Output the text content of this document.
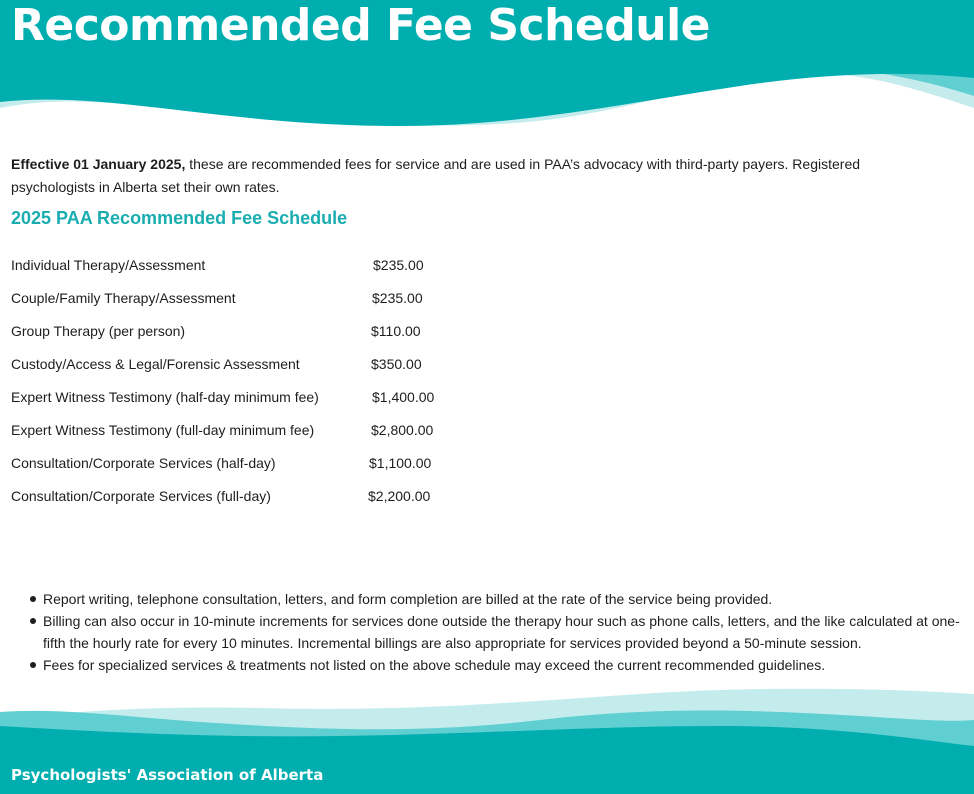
Recommended Fee Schedule

Effective 01 January 2025, these are recommended fees for service and are used in PAA’s advocacy with third-party payers. Registered psychologists in Alberta set their own rates.

2025 PAA Recommended Fee Schedule
Individual Therapy/Assessment	$235.00
Couple/Family Therapy/Assessment	$235.00
Group Therapy (per person)	$110.00
Custody/Access & Legal/Forensic Assessment	$350.00
Expert Witness Testimony (half-day minimum fee)	$1,400.00
Expert Witness Testimony (full-day minimum fee)	$2,800.00
Consultation/Corporate Services (half-day)	$1,100.00
Consultation/Corporate Services (full-day)	$2,200.00
Report writing, telephone consultation, letters, and form completion are billed at the rate of the service being provided.
Billing can also occur in 10-minute increments for services done outside the therapy hour such as phone calls, letters, and the like calculated at one-fifth the hourly rate for every 10 minutes. Incremental billings are also appropriate for services provided beyond a 50-minute session.
Fees for specialized services & treatments not listed on the above schedule may exceed the current recommended guidelines.

Psychologists' Association of Alberta
